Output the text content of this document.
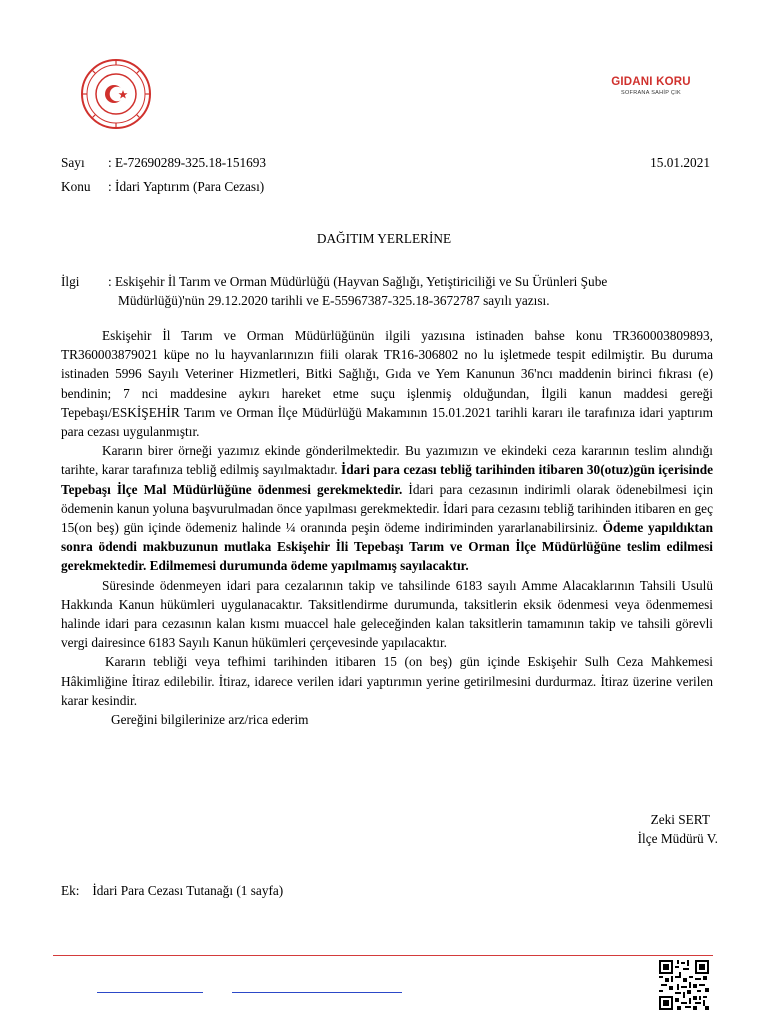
GIDANI KORU
SOFRANA SAHİP ÇIK
Sayı : E-72690289-325.18-151693	15.01.2021
Konu : İdari Yaptırım (Para Cezası)
DAĞITIM YERLERİNE
İlgi : Eskişehir İl Tarım ve Orman Müdürlüğü (Hayvan Sağlığı, Yetiştiriciliği ve Su Ürünleri Şube

Müdürlüğü)'nün 29.12.2020 tarihli ve E-55967387-325.18-3672787 sayılı yazısı.

Eskişehir İl Tarım ve Orman Müdürlüğünün ilgili yazısına istinaden bahse konu TR360003809893, TR360003879021 küpe no lu hayvanlarınızın fiili olarak TR16-306802 no lu işletmede tespit edilmiştir. Bu duruma istinaden 5996 Sayılı Veteriner Hizmetleri, Bitki Sağlığı, Gıda ve Yem Kanunun 36'ncı maddenin birinci fıkrası (e) bendinin; 7 nci maddesine aykırı hareket etme suçu işlenmiş olduğundan, İlgili kanun maddesi gereği Tepebaşı/ESKİŞEHİR Tarım ve Orman İlçe Müdürlüğü Makamının 15.01.2021 tarihli kararı ile tarafınıza idari yaptırım para cezası uygulanmıştır.

Kararın birer örneği yazımız ekinde gönderilmektedir. Bu yazımızın ve ekindeki ceza kararının teslim alındığı tarihte, karar tarafınıza tebliğ edilmiş sayılmaktadır. İdari para cezası tebliğ tarihinden itibaren 30(otuz)gün içerisinde Tepebaşı İlçe Mal Müdürlüğüne ödenmesi gerekmektedir. İdari para cezasının indirimli olarak ödenebilmesi için ödemenin kanun yoluna başvurulmadan önce yapılması gerekmektedir. İdari para cezasını tebliğ tarihinden itibaren en geç 15(on beş) gün içinde ödemeniz halinde ¼ oranında peşin ödeme indiriminden yararlanabilirsiniz. Ödeme yapıldıktan sonra ödendi makbuzunun mutlaka Eskişehir İli Tepebaşı Tarım ve Orman İlçe Müdürlüğüne teslim edilmesi gerekmektedir. Edilmemesi durumunda ödeme yapılmamış sayılacaktır.

Süresinde ödenmeyen idari para cezalarının takip ve tahsilinde 6183 sayılı Amme Alacaklarının Tahsili Usulü Hakkında Kanun hükümleri uygulanacaktır. Taksitlendirme durumunda, taksitlerin eksik ödenmesi veya ödenmemesi halinde idari para cezasının kalan kısmı muaccel hale geleceğinden kalan taksitlerin tamamının takip ve tahsili görevli vergi dairesince 6183 Sayılı Kanun hükümleri çerçevesinde yapılacaktır.

Kararın tebliği veya tefhimi tarihinden itibaren 15 (on beş) gün içinde Eskişehir Sulh Ceza Mahkemesi Hâkimliğine İtiraz edilebilir. İtiraz, idarece verilen idari yaptırımın yerine getirilmesini durdurmaz. İtiraz üzerine verilen karar kesindir.

Gereğini bilgilerinize arz/rica ederim

Zeki SERT
İlçe Müdürü V.
Ek: İdari Para Cezası Tutanağı (1 sayfa)
